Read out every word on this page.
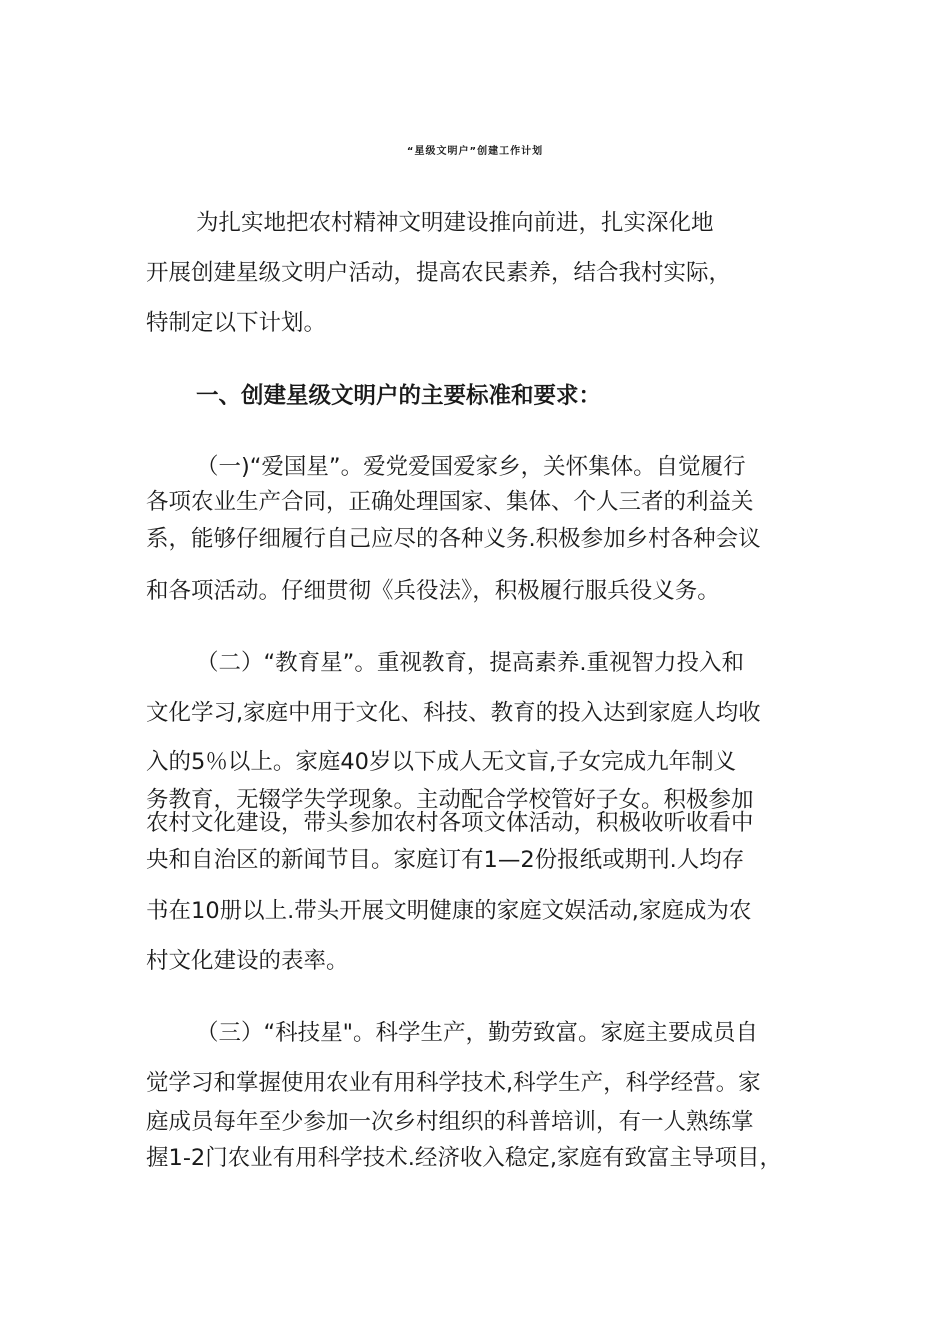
“星级文明户”创建工作计划
为扎实地把农村精神文明建设推向前进，扎实深化地
开展创建星级文明户活动，提高农民素养，结合我村实际，
特制定以下计划。
一、创建星级文明户的主要标准和要求：
（一)“爱国星”。爱党爱国爱家乡，关怀集体。自觉履行
各项农业生产合同，正确处理国家、集体、个人三者的利益关
系，能够仔细履行自己应尽的各种义务.积极参加乡村各种会议
和各项活动。仔细贯彻《兵役法》，积极履行服兵役义务。
（二）“教育星”。重视教育，提高素养.重视智力投入和
文化学习,家庭中用于文化、科技、教育的投入达到家庭人均收
入的5％以上。家庭40岁以下成人无文盲,子女完成九年制义
务教育，无辍学失学现象。主动配合学校管好子女。积极参加
农村文化建设，带头参加农村各项文体活动，积极收听收看中
央和自治区的新闻节目。家庭订有1—2份报纸或期刊.人均存
书在10册以上.带头开展文明健康的家庭文娱活动,家庭成为农
村文化建设的表率。
（三）“科技星"。科学生产，勤劳致富。家庭主要成员自
觉学习和掌握使用农业有用科学技术,科学生产，科学经营。家
庭成员每年至少参加一次乡村组织的科普培训，有一人熟练掌
握1-2门农业有用科学技术.经济收入稳定,家庭有致富主导项目，
